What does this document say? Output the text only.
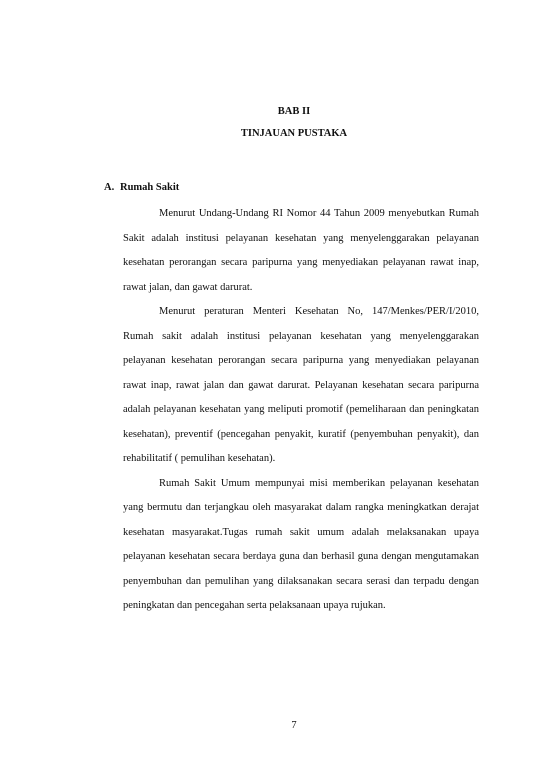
BAB II
TINJAUAN PUSTAKA
A. Rumah Sakit

Menurut Undang-Undang RI Nomor 44 Tahun 2009 menyebutkan Rumah Sakit adalah institusi pelayanan kesehatan yang menyelenggarakan pelayanan kesehatan perorangan secara paripurna yang menyediakan pelayanan rawat inap, rawat jalan, dan gawat darurat.

Menurut peraturan Menteri Kesehatan No, 147/Menkes/PER/I/2010, Rumah sakit adalah institusi pelayanan kesehatan yang menyelenggarakan pelayanan kesehatan perorangan secara paripurna yang menyediakan pelayanan rawat inap, rawat jalan dan gawat darurat. Pelayanan kesehatan secara paripurna adalah pelayanan kesehatan yang meliputi promotif (pemeliharaan dan peningkatan kesehatan), preventif (pencegahan penyakit, kuratif (penyembuhan penyakit), dan rehabilitatif ( pemulihan kesehatan).

Rumah Sakit Umum mempunyai misi memberikan pelayanan kesehatan yang bermutu dan terjangkau oleh masyarakat dalam rangka meningkatkan derajat kesehatan masyarakat.Tugas rumah sakit umum adalah melaksanakan upaya pelayanan kesehatan secara berdaya guna dan berhasil guna dengan mengutamakan penyembuhan dan pemulihan yang dilaksanakan secara serasi dan terpadu dengan peningkatan dan pencegahan serta pelaksanaan upaya rujukan.

7
